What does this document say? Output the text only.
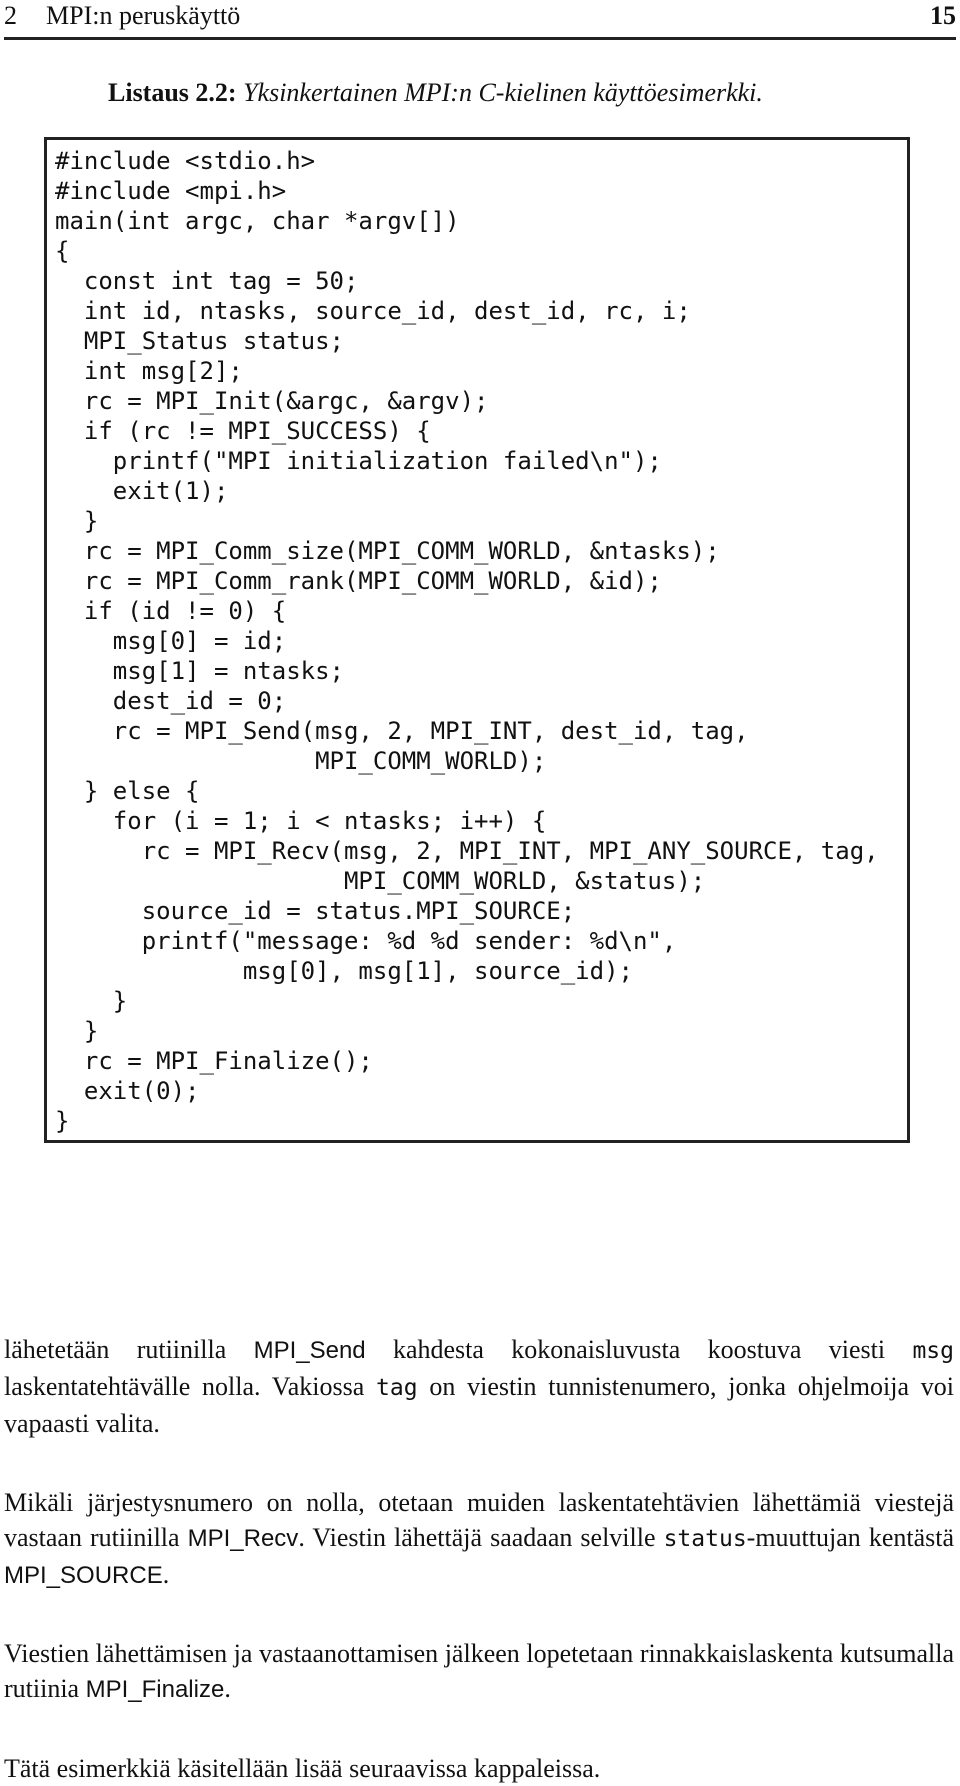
2 MPI:n peruskäyttö	15
Listaus 2.2: Yksinkertainen MPI:n C-kielinen käyttöesimerkki.
#include <stdio.h>
#include <mpi.h>
main(int argc, char *argv[])
{
const int tag = 50;
int id, ntasks, source_id, dest_id, rc, i;
MPI_Status status;
int msg[2];
rc = MPI_Init(&argc, &argv);
if (rc != MPI_SUCCESS) {
printf("MPI initialization failed\n");
exit(1);
}
rc = MPI_Comm_size(MPI_COMM_WORLD, &ntasks);
rc = MPI_Comm_rank(MPI_COMM_WORLD, &id);
if (id != 0) {
msg[0] = id;
msg[1] = ntasks;
dest_id = 0;
rc = MPI_Send(msg, 2, MPI_INT, dest_id, tag,
MPI_COMM_WORLD);
} else {
for (i = 1; i < ntasks; i++) {
rc = MPI_Recv(msg, 2, MPI_INT, MPI_ANY_SOURCE, tag,
MPI_COMM_WORLD, &status);
source_id = status.MPI_SOURCE;
printf("message: %d %d sender: %d\n",
msg[0], msg[1], source_id);
}
}
rc = MPI_Finalize();
exit(0);
}

lähetetään rutiinilla MPI_Send kahdesta kokonaisluvusta koostuva viesti msg laskentatehtävälle nolla. Vakiossa tag on viestin tunnistenumero, jonka ohjelmoija voi vapaasti valita.

Mikäli järjestysnumero on nolla, otetaan muiden laskentatehtävien lähettämiä viestejä vastaan rutiinilla MPI_Recv. Viestin lähettäjä saadaan selville status-muuttujan kentästä MPI_SOURCE.

Viestien lähettämisen ja vastaanottamisen jälkeen lopetetaan rinnakkaislaskenta kutsumalla rutiinia MPI_Finalize.

Tätä esimerkkiä käsitellään lisää seuraavissa kappaleissa.
